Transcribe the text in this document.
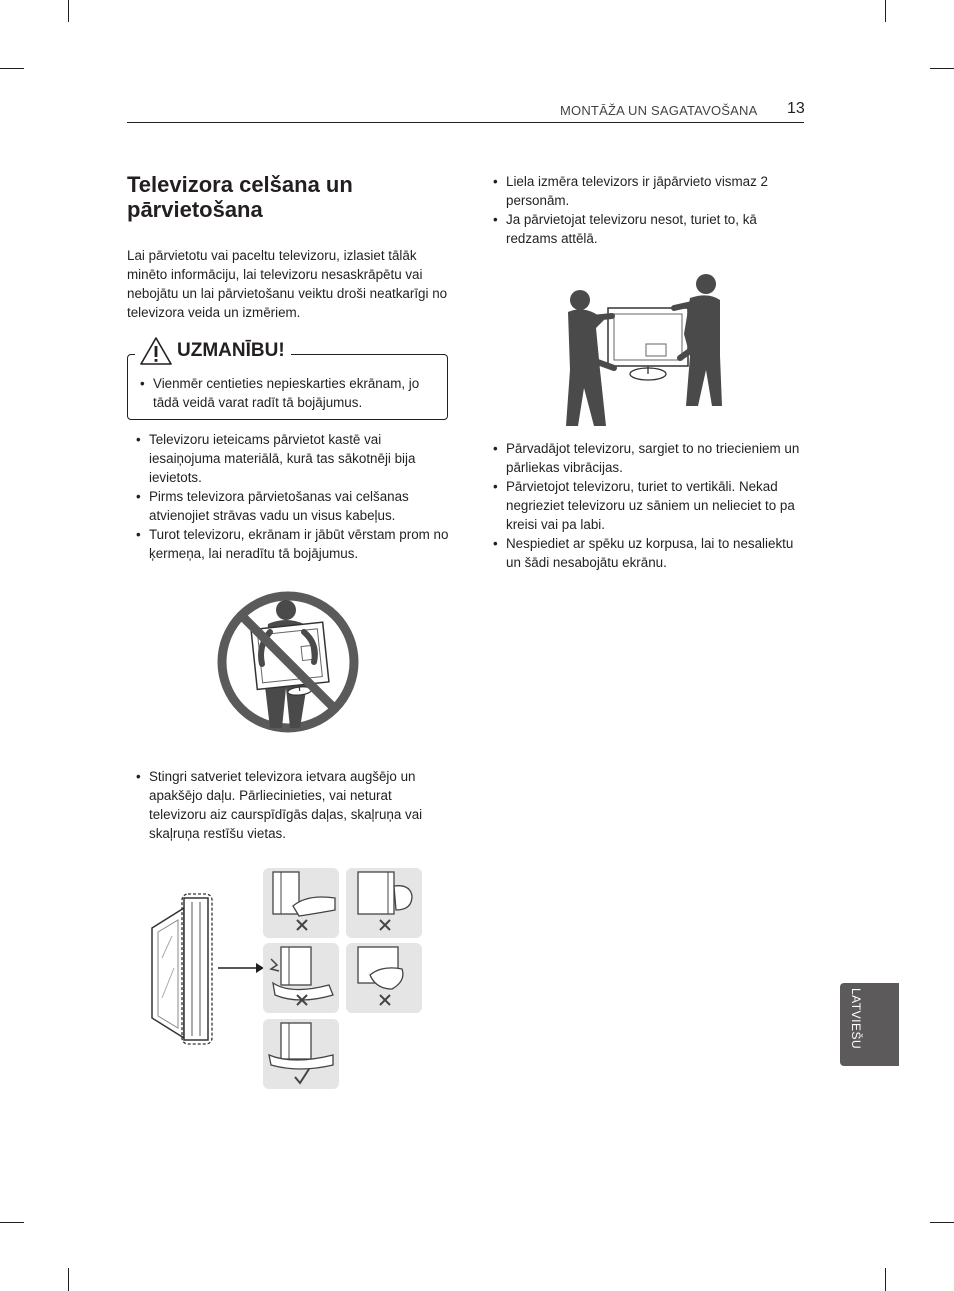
MONTĀŽA UN SAGATAVOŠANA 13
Televizora celšana un pārvietošana

Lai pārvietotu vai paceltu televizoru, izlasiet tālāk minēto informāciju, lai televizoru nesaskrāpētu vai nebojātu un lai pārvietošanu veiktu droši neatkarīgi no televizora veida un izmēriem.

UZMANĪBU!
• Vienmēr centieties nepieskarties ekrānam, jo tādā veidā varat radīt tā bojājumus.
• Televizoru ieteicams pārvietot kastē vai iesaiņojuma materiālā, kurā tas sākotnēji bija ievietots.
• Pirms televizora pārvietošanas vai celšanas atvienojiet strāvas vadu un visus kabeļus.
• Turot televizoru, ekrānam ir jābūt vērstam prom no ķermeņa, lai neradītu tā bojājumus.
• Stingri satveriet televizora ietvara augšējo un apakšējo daļu. Pārliecinieties, vai neturat televizoru aiz caurspīdīgās daļas, skaļruņa vai skaļruņa restīšu vietas.
• Liela izmēra televizors ir jāpārvieto vismaz 2 personām.
• Ja pārvietojat televizoru nesot, turiet to, kā redzams attēlā.
• Pārvadājot televizoru, sargiet to no triecieniem un pārliekas vibrācijas.
• Pārvietojot televizoru, turiet to vertikāli. Nekad negrieziet televizoru uz sāniem un nelieciet to pa kreisi vai pa labi.
• Nespiediet ar spēku uz korpusa, lai to nesaliektu un šādi nesabojātu ekrānu.
LATVIEŠU
